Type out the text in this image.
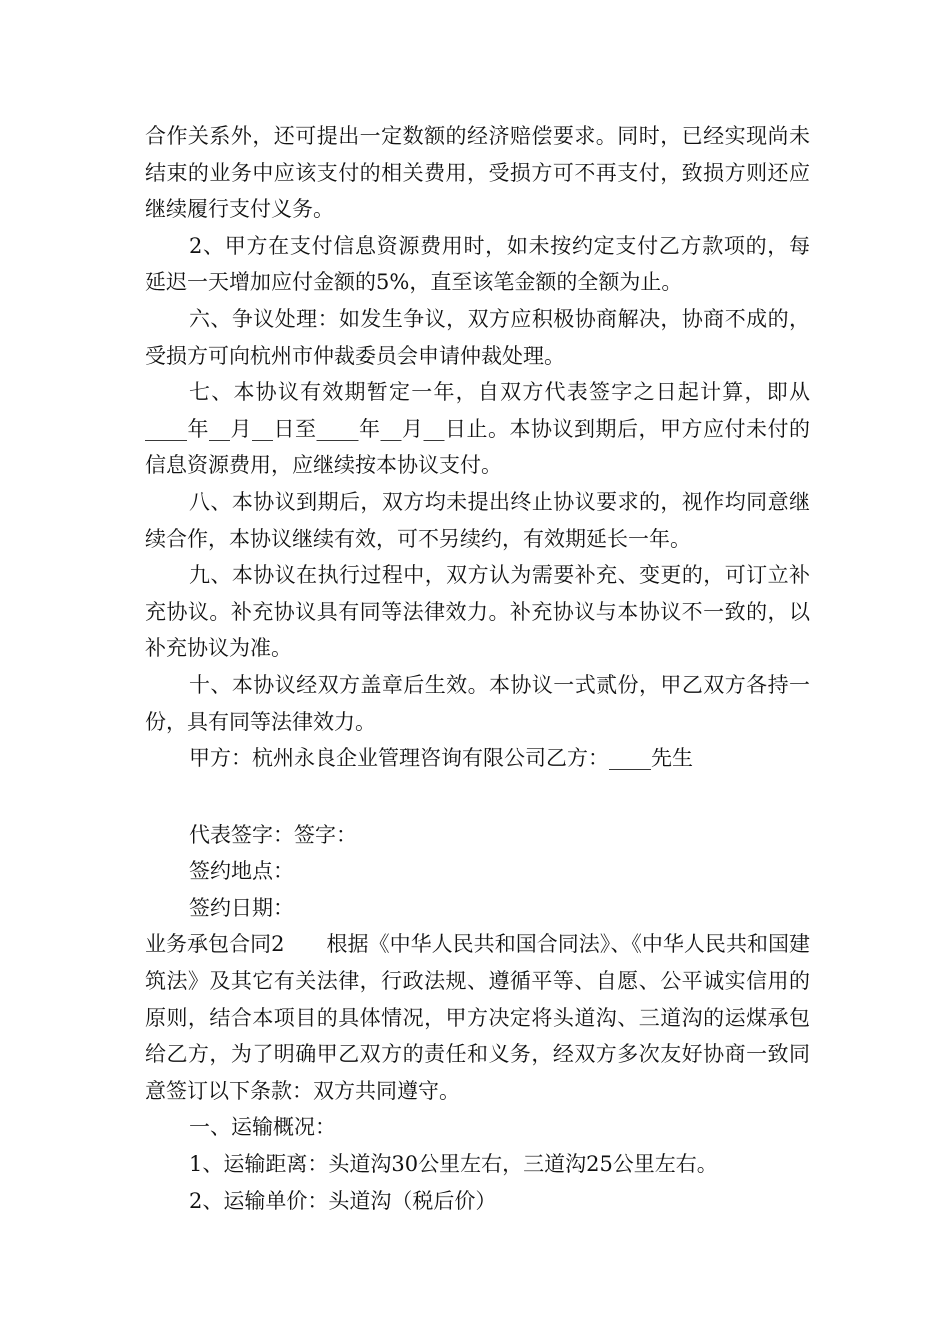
合作关系外，还可提出一定数额的经济赔偿要求。同时，已经实现尚未结束的业务中应该支付的相关费用，受损方可不再支付，致损方则还应继续履行支付义务。

2、甲方在支付信息资源费用时，如未按约定支付乙方款项的，每延迟一天增加应付金额的5%，直至该笔金额的全额为止。

六、争议处理：如发生争议，双方应积极协商解决，协商不成的，受损方可向杭州市仲裁委员会申请仲裁处理。

七、本协议有效期暂定一年，自双方代表签字之日起计算，即从____年__月__日至____年__月__日止。本协议到期后，甲方应付未付的信息资源费用，应继续按本协议支付。

八、本协议到期后，双方均未提出终止协议要求的，视作均同意继续合作，本协议继续有效，可不另续约，有效期延长一年。

九、本协议在执行过程中，双方认为需要补充、变更的，可订立补充协议。补充协议具有同等法律效力。补充协议与本协议不一致的，以补充协议为准。

十、本协议经双方盖章后生效。本协议一式贰份，甲乙双方各持一份，具有同等法律效力。

甲方：杭州永良企业管理咨询有限公司乙方：____先生

代表签字：签字：

签约地点：

签约日期：

业务承包合同2　　根据《中华人民共和国合同法》、《中华人民共和国建筑法》及其它有关法律，行政法规、遵循平等、自愿、公平诚实信用的原则，结合本项目的具体情况，甲方决定将头道沟、三道沟的运煤承包给乙方，为了明确甲乙双方的责任和义务，经双方多次友好协商一致同意签订以下条款：双方共同遵守。

一、运输概况：

1、运输距离：头道沟30公里左右，三道沟25公里左右。

2、运输单价：头道沟（税后价）
